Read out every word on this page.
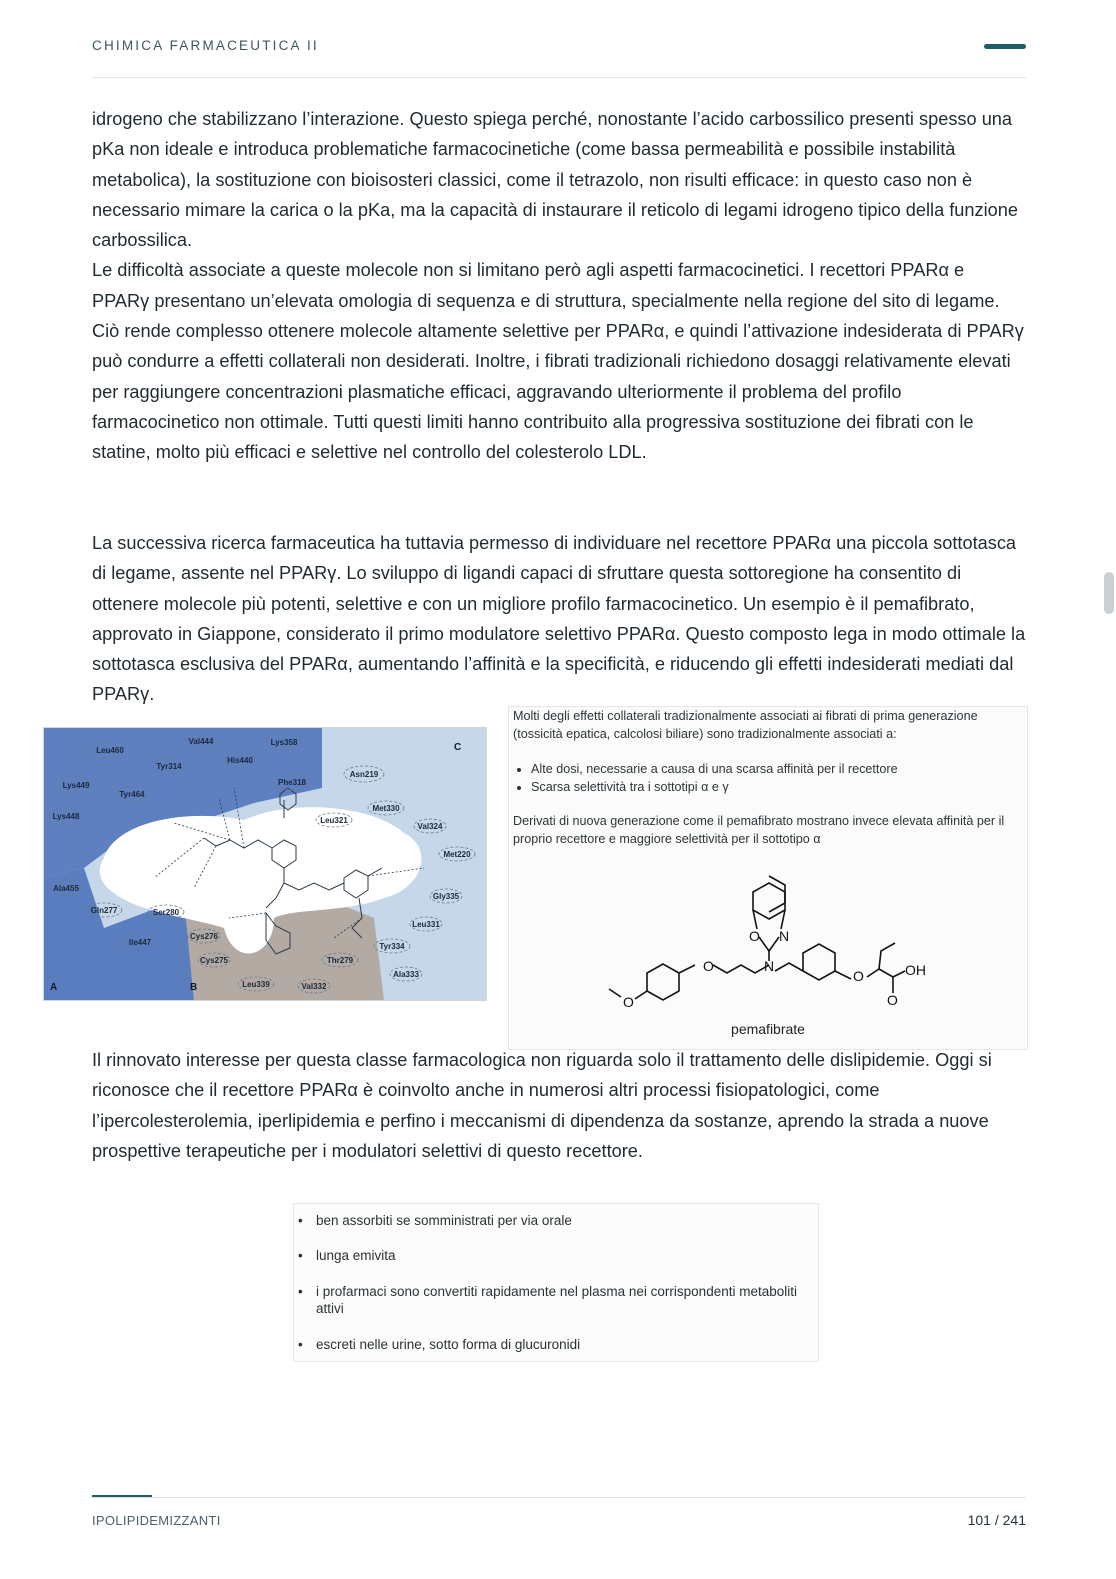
CHIMICA FARMACEUTICA II

idrogeno che stabilizzano l’interazione. Questo spiega perché, nonostante l’acido carbossilico presenti spesso una pKa non ideale e introduca problematiche farmacocinetiche (come bassa permeabilità e possibile instabilità metabolica), la sostituzione con bioisosteri classici, come il tetrazolo, non risulti efficace: in questo caso non è necessario mimare la carica o la pKa, ma la capacità di instaurare il reticolo di legami idrogeno tipico della funzione carbossilica.

Le difficoltà associate a queste molecole non si limitano però agli aspetti farmacocinetici. I recettori PPARα e PPARγ presentano un’elevata omologia di sequenza e di struttura, specialmente nella regione del sito di legame. Ciò rende complesso ottenere molecole altamente selettive per PPARα, e quindi l’attivazione indesiderata di PPARγ può condurre a effetti collaterali non desiderati. Inoltre, i fibrati tradizionali richiedono dosaggi relativamente elevati per raggiungere concentrazioni plasmatiche efficaci, aggravando ulteriormente il problema del profilo farmacocinetico non ottimale. Tutti questi limiti hanno contribuito alla progressiva sostituzione dei fibrati con le statine, molto più efficaci e selettive nel controllo del colesterolo LDL.

La successiva ricerca farmaceutica ha tuttavia permesso di individuare nel recettore PPARα una piccola sottotasca di legame, assente nel PPARγ. Lo sviluppo di ligandi capaci di sfruttare questa sottoregione ha consentito di ottenere molecole più potenti, selettive e con un migliore profilo farmacocinetico. Un esempio è il pemafibrato, approvato in Giappone, considerato il primo modulatore selettivo PPARα. Questo composto lega in modo ottimale la sottotasca esclusiva del PPARα, aumentando l’affinità e la specificità, e riducendo gli effetti indesiderati mediati dal PPARγ.

Val444	Lys358
Leu460
His440
Tyr314
Lys449
Tyr464
Phe318
Asn219
Met330
Lys448	Leu321
Val324
Met220
Ala455
Gly335
Gln277	Ser280
Leu331
Ile447
Cys276
Tyr334
Cys275	Thr279
Leu339	Val332
Ala333
A	B
C
Molti degli effetti collaterali tradizionalmente associati ai fibrati di prima generazione (tossicità epatica, calcolosi biliare) sono tradizionalmente associati a:
• Alte dosi, necessarie a causa di una scarsa affinità per il recettore
• Scarsa selettività tra i sottotipi α e γ
Derivati di nuova generazione come il pemafibrato mostrano invece elevata affinità per il proprio recettore e maggiore selettività per il sottotipo α
O	N
O N
O	OH
O
O
pemafibrate

Il rinnovato interesse per questa classe farmacologica non riguarda solo il trattamento delle dislipidemie. Oggi si riconosce che il recettore PPARα è coinvolto anche in numerosi altri processi fisiopatologici, come l’ipercolesterolemia, iperlipidemia e perfino i meccanismi di dipendenza da sostanze, aprendo la strada a nuove prospettive terapeutiche per i modulatori selettivi di questo recettore.

• ben assorbiti se somministrati per via orale
• lunga emivita
• i profarmaci sono convertiti rapidamente nel plasma nei corrispondenti metaboliti attivi
• escreti nelle urine, sotto forma di glucuronidi
IPOLIPIDEMIZZANTI	101 / 241
